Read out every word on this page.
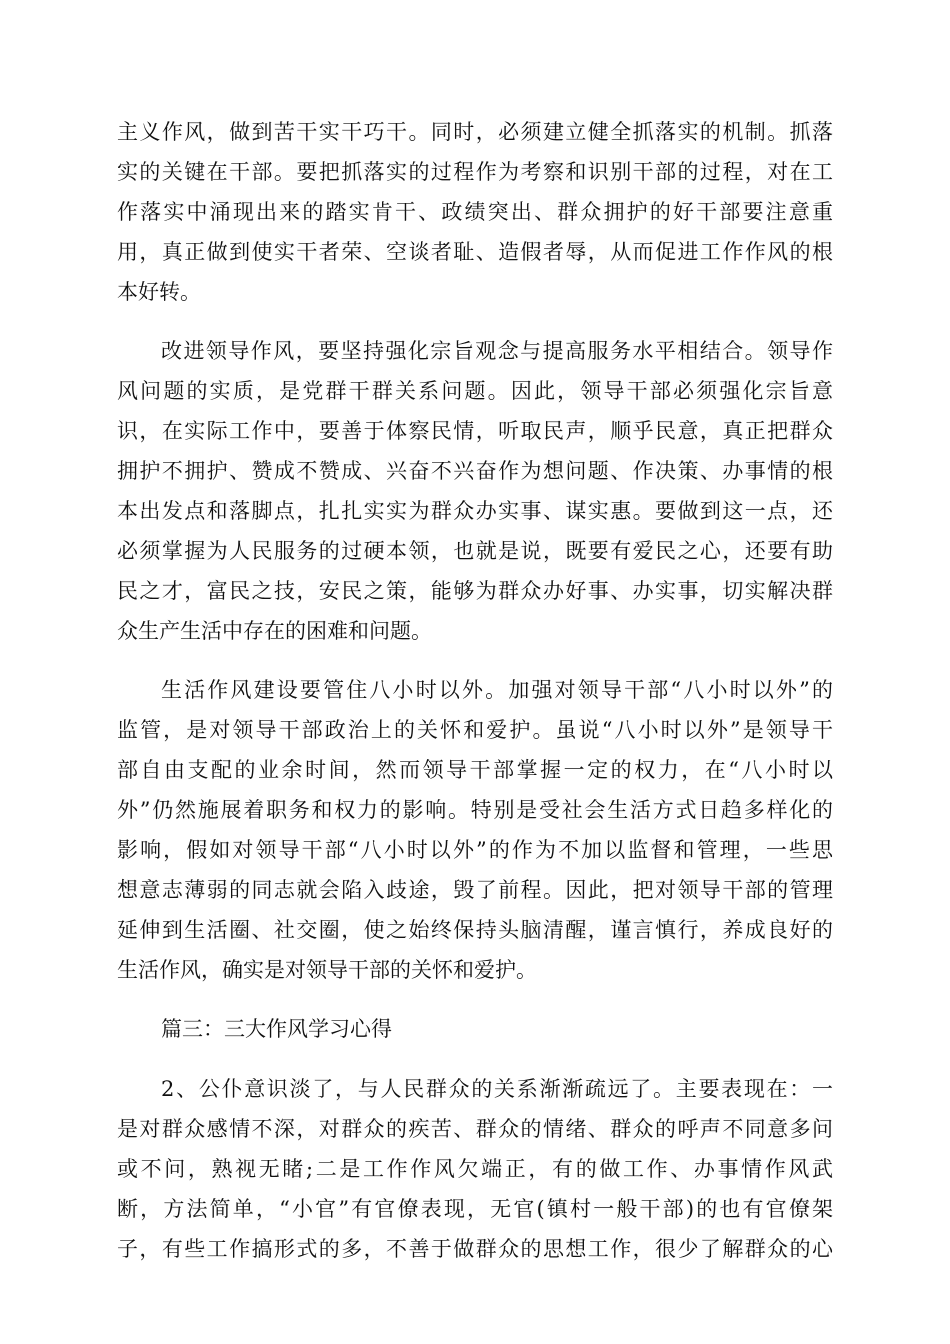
主义作风，做到苦干实干巧干。同时，必须建立健全抓落实的机制。抓落
实的关键在干部。要把抓落实的过程作为考察和识别干部的过程，对在工
作落实中涌现出来的踏实肯干、政绩突出、群众拥护的好干部要注意重
用，真正做到使实干者荣、空谈者耻、造假者辱，从而促进工作作风的根
本好转。
改进领导作风，要坚持强化宗旨观念与提高服务水平相结合。领导作
风问题的实质，是党群干群关系问题。因此，领导干部必须强化宗旨意
识，在实际工作中，要善于体察民情，听取民声，顺乎民意，真正把群众
拥护不拥护、赞成不赞成、兴奋不兴奋作为想问题、作决策、办事情的根
本出发点和落脚点，扎扎实实为群众办实事、谋实惠。要做到这一点，还
必须掌握为人民服务的过硬本领，也就是说，既要有爱民之心，还要有助
民之才，富民之技，安民之策，能够为群众办好事、办实事，切实解决群
众生产生活中存在的困难和问题。
生活作风建设要管住八小时以外。加强对领导干部“八小时以外”的
监管，是对领导干部政治上的关怀和爱护。虽说“八小时以外”是领导干
部自由支配的业余时间，然而领导干部掌握一定的权力，在“八小时以
外”仍然施展着职务和权力的影响。特别是受社会生活方式日趋多样化的
影响，假如对领导干部“八小时以外”的作为不加以监督和管理，一些思
想意志薄弱的同志就会陷入歧途，毁了前程。因此，把对领导干部的管理
延伸到生活圈、社交圈，使之始终保持头脑清醒，谨言慎行，养成良好的
生活作风，确实是对领导干部的关怀和爱护。
篇三：三大作风学习心得
2、公仆意识淡了，与人民群众的关系渐渐疏远了。主要表现在：一
是对群众感情不深，对群众的疾苦、群众的情绪、群众的呼声不同意多问
或不问，熟视无睹;二是工作作风欠端正，有的做工作、办事情作风武
断，方法简单，“小官”有官僚表现，无官(镇村一般干部)的也有官僚架
子，有些工作搞形式的多，不善于做群众的思想工作，很少了解群众的心
